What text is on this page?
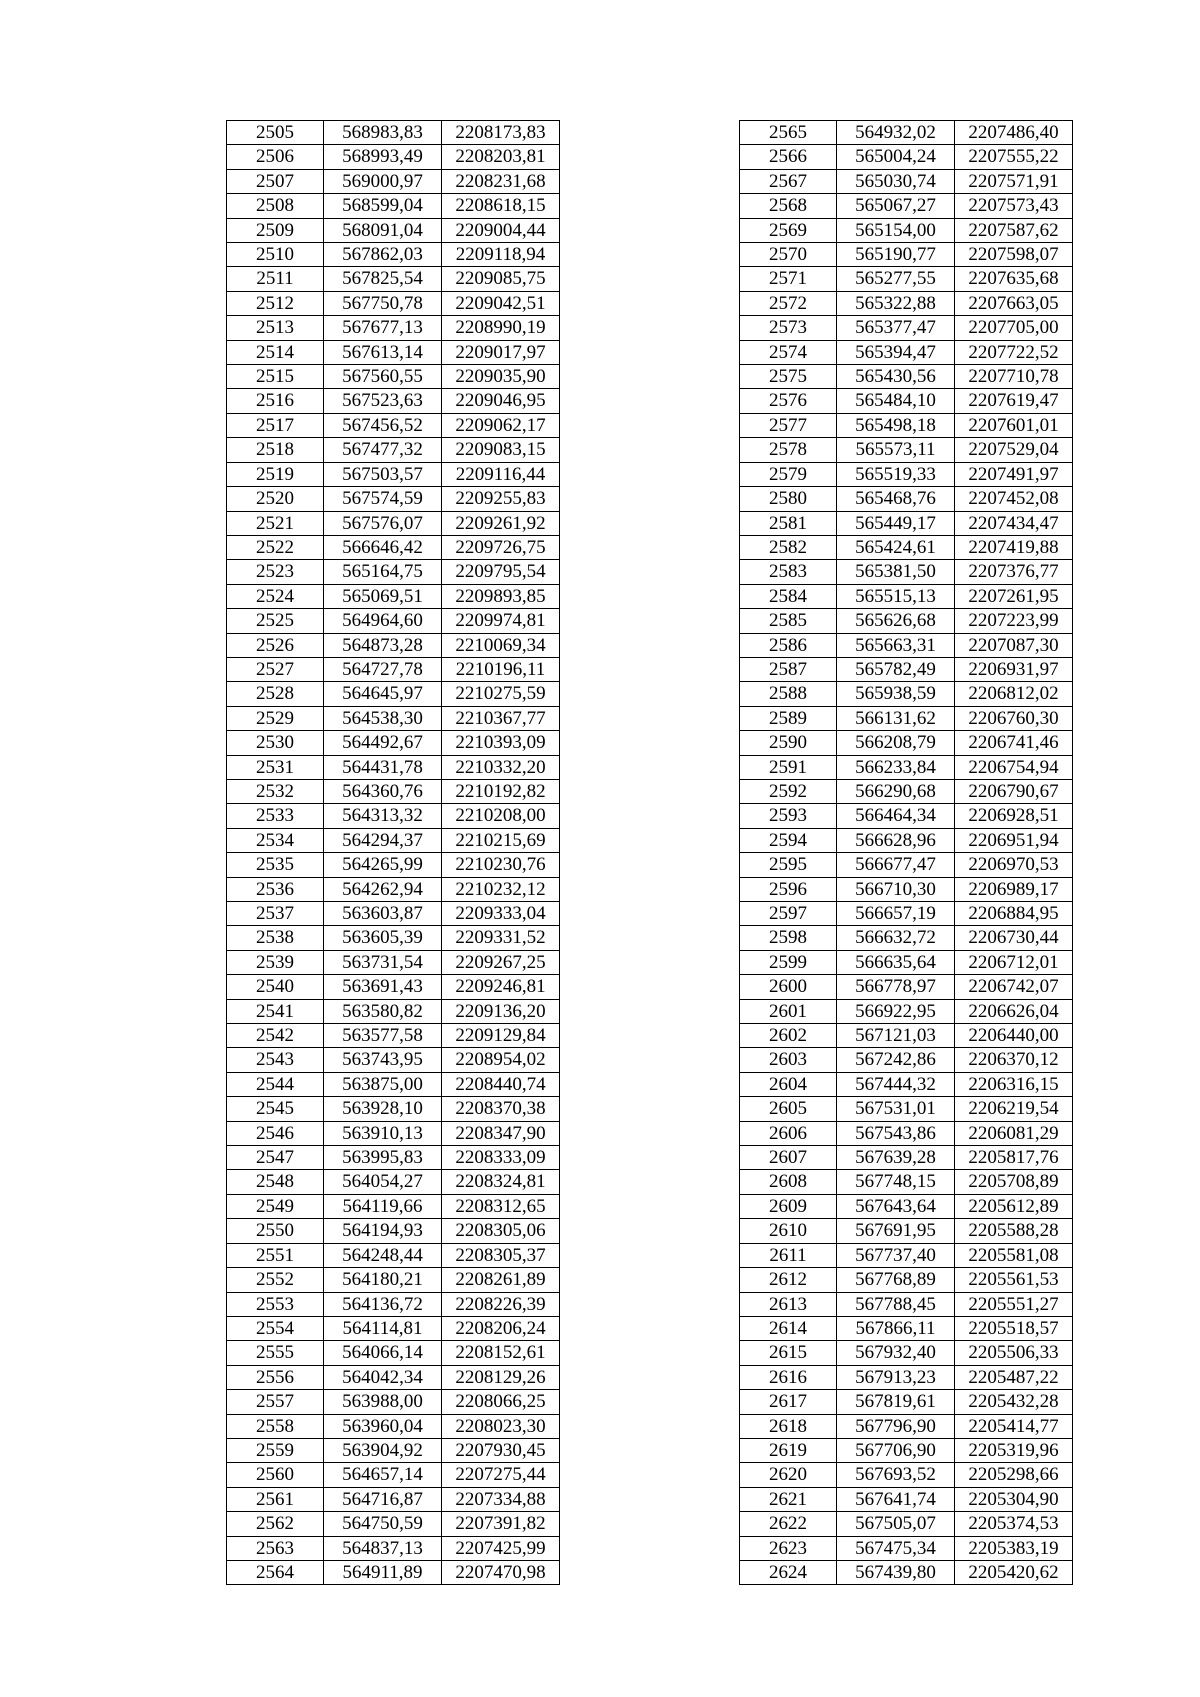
2505	568983,83	2208173,83
2506	568993,49	2208203,81
2507	569000,97	2208231,68
2508	568599,04	2208618,15
2509	568091,04	2209004,44
2510	567862,03	2209118,94
2511	567825,54	2209085,75
2512	567750,78	2209042,51
2513	567677,13	2208990,19
2514	567613,14	2209017,97
2515	567560,55	2209035,90
2516	567523,63	2209046,95
2517	567456,52	2209062,17
2518	567477,32	2209083,15
2519	567503,57	2209116,44
2520	567574,59	2209255,83
2521	567576,07	2209261,92
2522	566646,42	2209726,75
2523	565164,75	2209795,54
2524	565069,51	2209893,85
2525	564964,60	2209974,81
2526	564873,28	2210069,34
2527	564727,78	2210196,11
2528	564645,97	2210275,59
2529	564538,30	2210367,77
2530	564492,67	2210393,09
2531	564431,78	2210332,20
2532	564360,76	2210192,82
2533	564313,32	2210208,00
2534	564294,37	2210215,69
2535	564265,99	2210230,76
2536	564262,94	2210232,12
2537	563603,87	2209333,04
2538	563605,39	2209331,52
2539	563731,54	2209267,25
2540	563691,43	2209246,81
2541	563580,82	2209136,20
2542	563577,58	2209129,84
2543	563743,95	2208954,02
2544	563875,00	2208440,74
2545	563928,10	2208370,38
2546	563910,13	2208347,90
2547	563995,83	2208333,09
2548	564054,27	2208324,81
2549	564119,66	2208312,65
2550	564194,93	2208305,06
2551	564248,44	2208305,37
2552	564180,21	2208261,89
2553	564136,72	2208226,39
2554	564114,81	2208206,24
2555	564066,14	2208152,61
2556	564042,34	2208129,26
2557	563988,00	2208066,25
2558	563960,04	2208023,30
2559	563904,92	2207930,45
2560	564657,14	2207275,44
2561	564716,87	2207334,88
2562	564750,59	2207391,82
2563	564837,13	2207425,99
2564	564911,89	2207470,98
2565	564932,02	2207486,40
2566	565004,24	2207555,22
2567	565030,74	2207571,91
2568	565067,27	2207573,43
2569	565154,00	2207587,62
2570	565190,77	2207598,07
2571	565277,55	2207635,68
2572	565322,88	2207663,05
2573	565377,47	2207705,00
2574	565394,47	2207722,52
2575	565430,56	2207710,78
2576	565484,10	2207619,47
2577	565498,18	2207601,01
2578	565573,11	2207529,04
2579	565519,33	2207491,97
2580	565468,76	2207452,08
2581	565449,17	2207434,47
2582	565424,61	2207419,88
2583	565381,50	2207376,77
2584	565515,13	2207261,95
2585	565626,68	2207223,99
2586	565663,31	2207087,30
2587	565782,49	2206931,97
2588	565938,59	2206812,02
2589	566131,62	2206760,30
2590	566208,79	2206741,46
2591	566233,84	2206754,94
2592	566290,68	2206790,67
2593	566464,34	2206928,51
2594	566628,96	2206951,94
2595	566677,47	2206970,53
2596	566710,30	2206989,17
2597	566657,19	2206884,95
2598	566632,72	2206730,44
2599	566635,64	2206712,01
2600	566778,97	2206742,07
2601	566922,95	2206626,04
2602	567121,03	2206440,00
2603	567242,86	2206370,12
2604	567444,32	2206316,15
2605	567531,01	2206219,54
2606	567543,86	2206081,29
2607	567639,28	2205817,76
2608	567748,15	2205708,89
2609	567643,64	2205612,89
2610	567691,95	2205588,28
2611	567737,40	2205581,08
2612	567768,89	2205561,53
2613	567788,45	2205551,27
2614	567866,11	2205518,57
2615	567932,40	2205506,33
2616	567913,23	2205487,22
2617	567819,61	2205432,28
2618	567796,90	2205414,77
2619	567706,90	2205319,96
2620	567693,52	2205298,66
2621	567641,74	2205304,90
2622	567505,07	2205374,53
2623	567475,34	2205383,19
2624	567439,80	2205420,62
